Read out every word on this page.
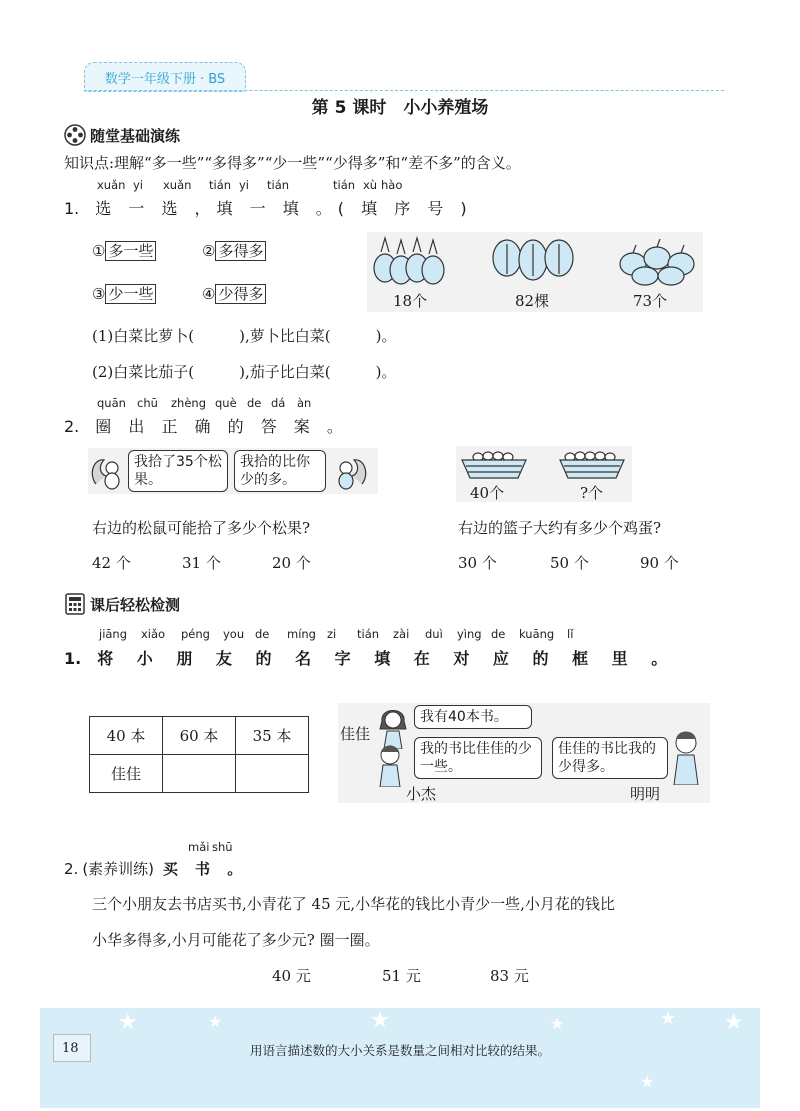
数学一年级下册 · BS
第 5 课时　小小养殖场
随堂基础演练
知识点:理解“多一些”“多得多”“少一些”“少得多”和“差不多”的含义。
xuǎn yi xuǎn tián yi tián	tián xù hào
1. 选 一 选 ，填 一 填 。( 填 序 号 )
① 多一些	② 多得多
③ 少一些	④ 少得多	18个	82棵	73个
(1)白菜比萝卜(　　　),萝卜比白菜(　　　)。
(2)白菜比茄子(　　　),茄子比白菜(　　　)。
quān chū zhèng què de dá àn
2. 圈 出 正 确 的 答 案 。
我拾了35个松果。
我拾的比你少的多。
40个	?个
右边的松鼠可能拾了多少个松果?	右边的篮子大约有多少个鸡蛋?
42 个	31 个	20 个	30 个	50 个	90 个
课后轻松检测
jiāng xiǎo péng you de míng zi tián zài duì yìng de kuāng lǐ
1. 将 小 朋 友 的 名 字 填 在 对 应 的 框 里 。
40 本	60 本	35 本
佳佳		
佳佳
我有40本书。
我的书比佳佳的少一些。
小杰
佳佳的书比我的少得多。
明明
mǎi shū
2. (素养训练) 买 书 。
三个小朋友去书店买书,小青花了 45 元,小华花的钱比小青少一些,小月花的钱比
小华多得多,小月可能花了多少元? 圈一圈。
40 元	51 元	83 元
★	★	★	★	★ ★
★
18	用语言描述数的大小关系是数量之间相对比较的结果。
